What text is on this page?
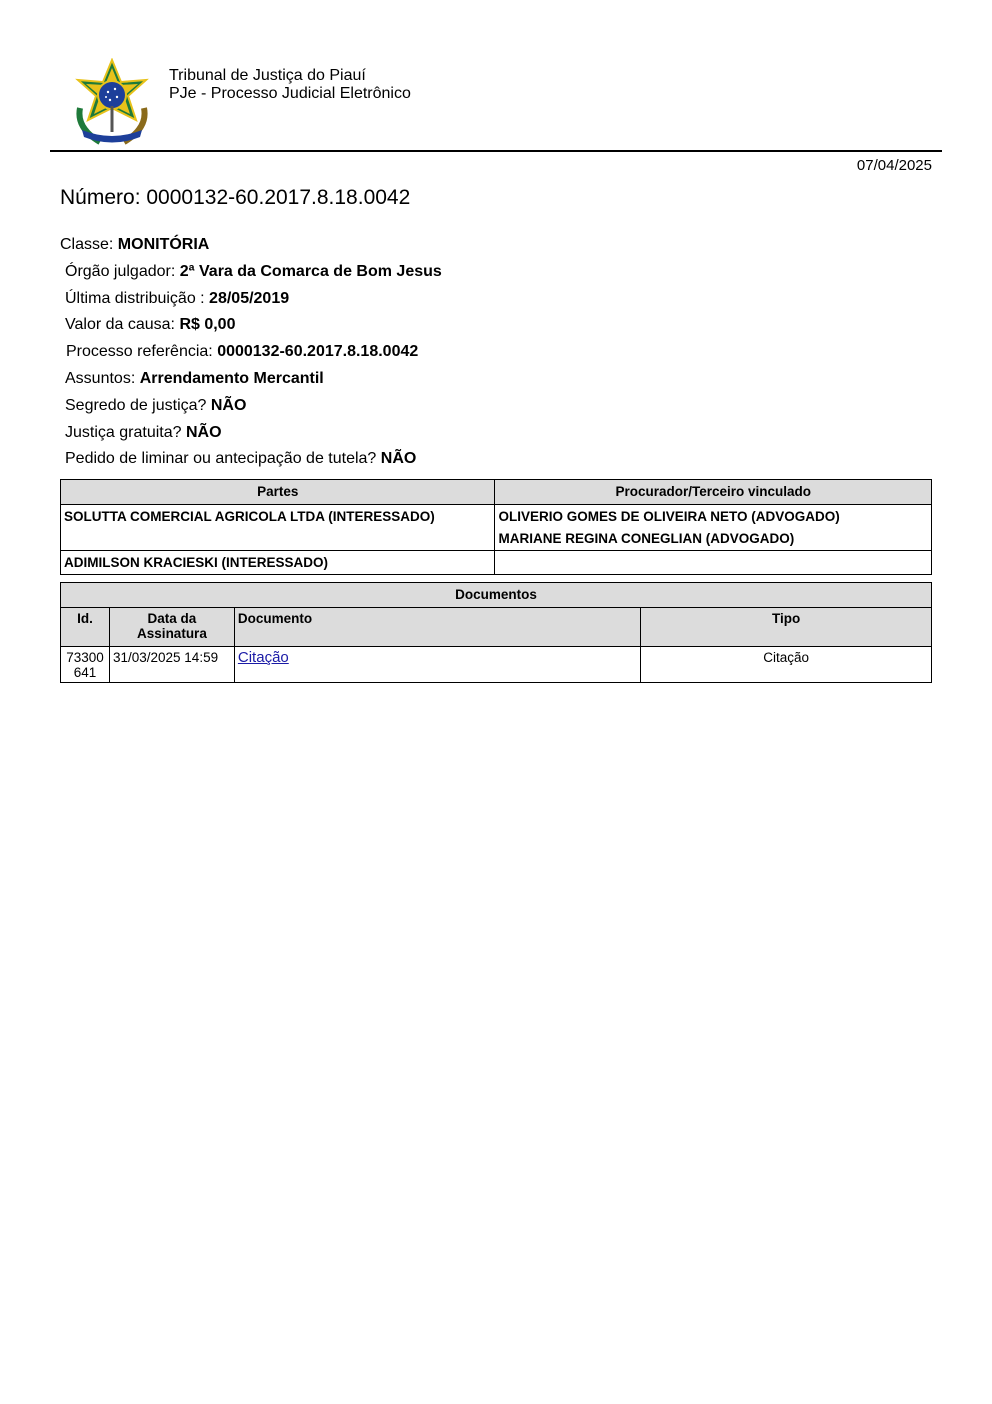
Tribunal de Justiça do Piauí
PJe - Processo Judicial Eletrônico
07/04/2025
Número: 0000132-60.2017.8.18.0042
Classe: MONITÓRIA
Órgão julgador: 2ª Vara da Comarca de Bom Jesus
Última distribuição : 28/05/2019
Valor da causa: R$ 0,00
Processo referência: 0000132-60.2017.8.18.0042
Assuntos: Arrendamento Mercantil
Segredo de justiça? NÃO
Justiça gratuita? NÃO
Pedido de liminar ou antecipação de tutela? NÃO
Partes	Procurador/Terceiro vinculado
SOLUTTA COMERCIAL AGRICOLA LTDA (INTERESSADO)	OLIVERIO GOMES DE OLIVEIRA NETO (ADVOGADO)
MARIANE REGINA CONEGLIAN (ADVOGADO)

ADIMILSON KRACIESKI (INTERESSADO)	
Documentos
Id.	Data da
Assinatura
	Documento	Tipo

73300
641
	31/03/2025 14:59	Citação	Citação
